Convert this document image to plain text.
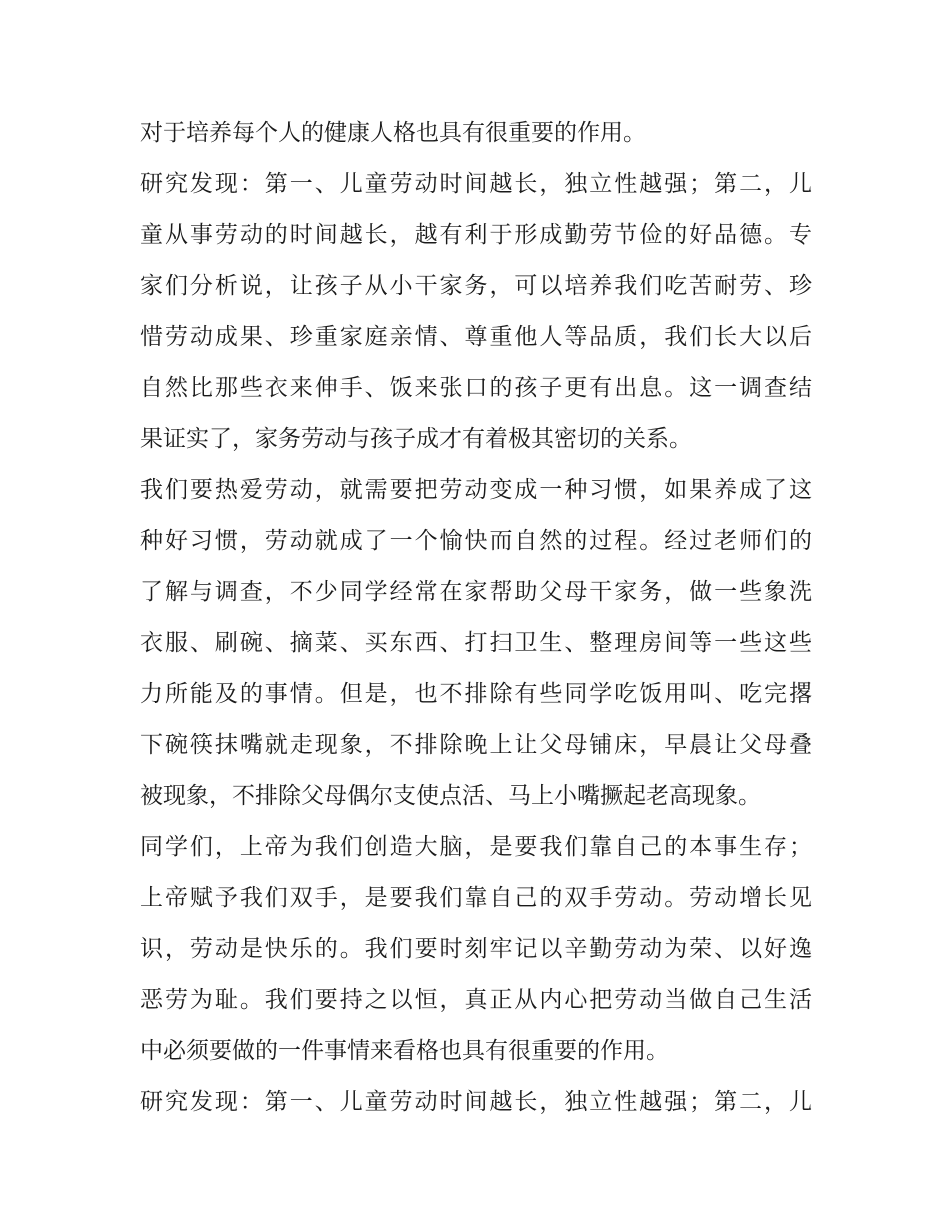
对于培养每个人的健康人格也具有很重要的作用。
研究发现：第一、儿童劳动时间越长，独立性越强；第二，儿
童从事劳动的时间越长，越有利于形成勤劳节俭的好品德。专
家们分析说，让孩子从小干家务，可以培养我们吃苦耐劳、珍
惜劳动成果、珍重家庭亲情、尊重他人等品质，我们长大以后
自然比那些衣来伸手、饭来张口的孩子更有出息。这一调查结
果证实了，家务劳动与孩子成才有着极其密切的关系。
我们要热爱劳动，就需要把劳动变成一种习惯，如果养成了这
种好习惯，劳动就成了一个愉快而自然的过程。经过老师们的
了解与调查，不少同学经常在家帮助父母干家务，做一些象洗
衣服、刷碗、摘菜、买东西、打扫卫生、整理房间等一些这些
力所能及的事情。但是，也不排除有些同学吃饭用叫、吃完撂
下碗筷抹嘴就走现象，不排除晚上让父母铺床，早晨让父母叠
被现象，不排除父母偶尔支使点活、马上小嘴撅起老高现象。
同学们，上帝为我们创造大脑，是要我们靠自己的本事生存；
上帝赋予我们双手，是要我们靠自己的双手劳动。劳动增长见
识，劳动是快乐的。我们要时刻牢记以辛勤劳动为荣、以好逸
恶劳为耻。我们要持之以恒，真正从内心把劳动当做自己生活
中必须要做的一件事情来看格也具有很重要的作用。
研究发现：第一、儿童劳动时间越长，独立性越强；第二，儿
